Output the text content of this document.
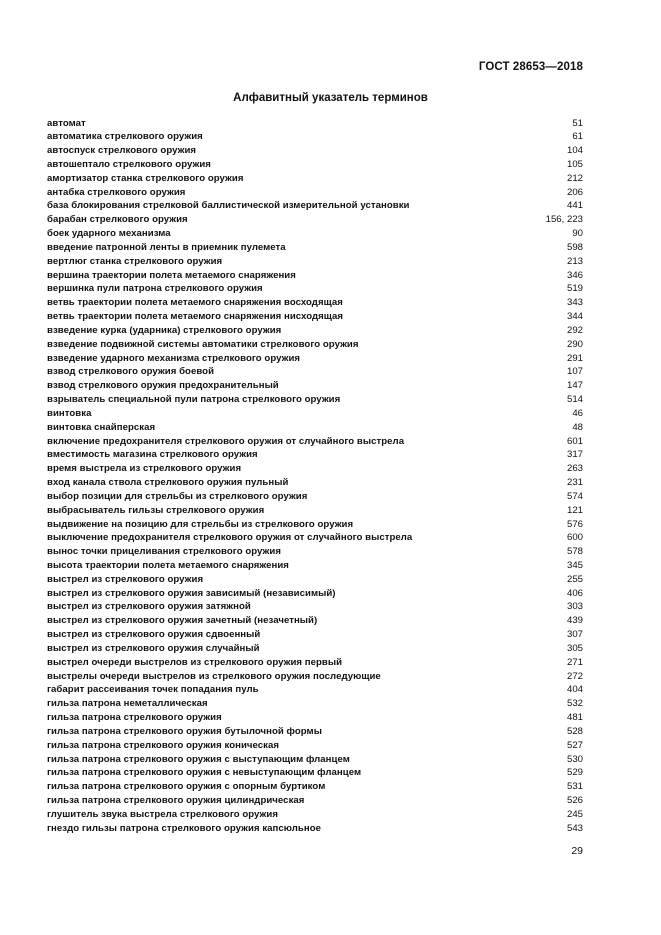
ГОСТ 28653—2018
Алфавитный указатель терминов
автомат	51
автоматика стрелкового оружия	61
автоспуск стрелкового оружия	104
автошептало стрелкового оружия	105
амортизатор станка стрелкового оружия	212
антабка стрелкового оружия	206
база блокирования стрелковой баллистической измерительной установки	441
барабан стрелкового оружия	156, 223
боек ударного механизма	90
введение патронной ленты в приемник пулемета	598
вертлюг станка стрелкового оружия	213
вершина траектории полета метаемого снаряжения	346
вершинка пули патрона стрелкового оружия	519
ветвь траектории полета метаемого снаряжения восходящая	343
ветвь траектории полета метаемого снаряжения нисходящая	344
взведение курка (ударника) стрелкового оружия	292
взведение подвижной системы автоматики стрелкового оружия	290
взведение ударного механизма стрелкового оружия	291
взвод стрелкового оружия боевой	107
взвод стрелкового оружия предохранительный	147
взрыватель специальной пули патрона стрелкового оружия	514
винтовка	46
винтовка снайперская	48
включение предохранителя стрелкового оружия от случайного выстрела	601
вместимость магазина стрелкового оружия	317
время выстрела из стрелкового оружия	263
вход канала ствола стрелкового оружия пульный	231
выбор позиции для стрельбы из стрелкового оружия	574
выбрасыватель гильзы стрелкового оружия	121
выдвижение на позицию для стрельбы из стрелкового оружия	576
выключение предохранителя стрелкового оружия от случайного выстрела	600
вынос точки прицеливания стрелкового оружия	578
высота траектории полета метаемого снаряжения	345
выстрел из стрелкового оружия	255
выстрел из стрелкового оружия зависимый (независимый)	406
выстрел из стрелкового оружия затяжной	303
выстрел из стрелкового оружия зачетный (незачетный)	439
выстрел из стрелкового оружия сдвоенный	307
выстрел из стрелкового оружия случайный	305
выстрел очереди выстрелов из стрелкового оружия первый	271
выстрелы очереди выстрелов из стрелкового оружия последующие	272
габарит рассеивания точек попадания пуль	404
гильза патрона неметаллическая	532
гильза патрона стрелкового оружия	481
гильза патрона стрелкового оружия бутылочной формы	528
гильза патрона стрелкового оружия коническая	527
гильза патрона стрелкового оружия с выступающим фланцем	530
гильза патрона стрелкового оружия с невыступающим фланцем	529
гильза патрона стрелкового оружия с опорным буртиком	531
гильза патрона стрелкового оружия цилиндрическая	526
глушитель звука выстрела стрелкового оружия	245
гнездо гильзы патрона стрелкового оружия капсюльное	543
29
